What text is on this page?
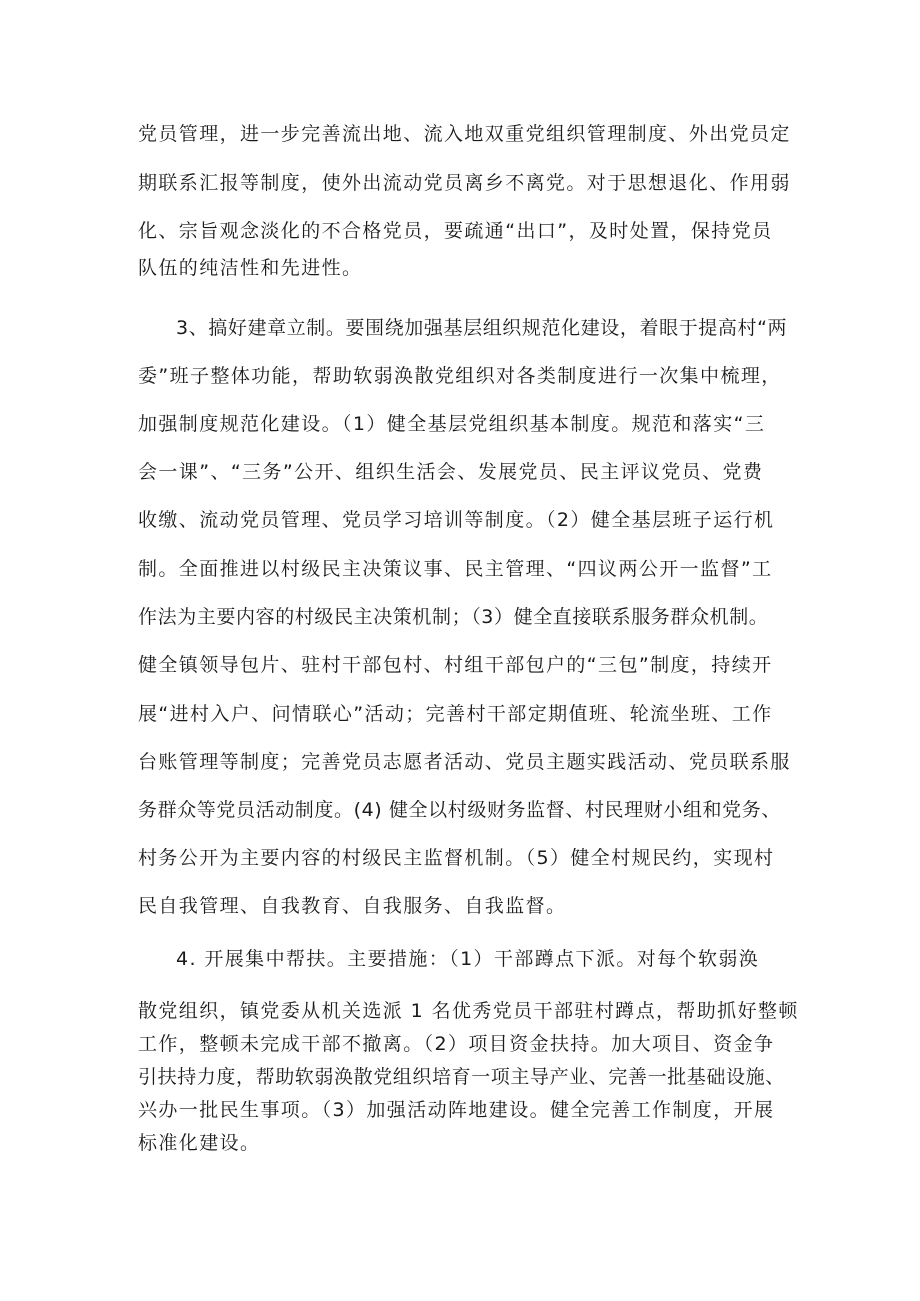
党员管理，进一步完善流出地、流入地双重党组织管理制度、外出党员定
期联系汇报等制度，使外出流动党员离乡不离党。对于思想退化、作用弱
化、宗旨观念淡化的不合格党员，要疏通“出口”，及时处置，保持党员
队伍的纯洁性和先进性。
3、搞好建章立制。要围绕加强基层组织规范化建设，着眼于提高村“两
委”班子整体功能，帮助软弱涣散党组织对各类制度进行一次集中梳理，
加强制度规范化建设。（1）健全基层党组织基本制度。规范和落实“三
会一课”、“三务”公开、组织生活会、发展党员、民主评议党员、党费
收缴、流动党员管理、党员学习培训等制度。（2）健全基层班子运行机
制。全面推进以村级民主决策议事、民主管理、“四议两公开一监督”工
作法为主要内容的村级民主决策机制；（3）健全直接联系服务群众机制。
健全镇领导包片、驻村干部包村、村组干部包户的“三包”制度，持续开
展“进村入户、问情联心”活动；完善村干部定期值班、轮流坐班、工作
台账管理等制度；完善党员志愿者活动、党员主题实践活动、党员联系服
务群众等党员活动制度。(4) 健全以村级财务监督、村民理财小组和党务、
村务公开为主要内容的村级民主监督机制。（5）健全村规民约，实现村
民自我管理、自我教育、自我服务、自我监督。
4. 开展集中帮扶。主要措施：（1）干部蹲点下派。对每个软弱涣
散党组织，镇党委从机关选派 1 名优秀党员干部驻村蹲点，帮助抓好整顿
工作，整顿未完成干部不撤离。（2）项目资金扶持。加大项目、资金争
引扶持力度，帮助软弱涣散党组织培育一项主导产业、完善一批基础设施、
兴办一批民生事项。（3）加强活动阵地建设。健全完善工作制度，开展
标准化建设。
